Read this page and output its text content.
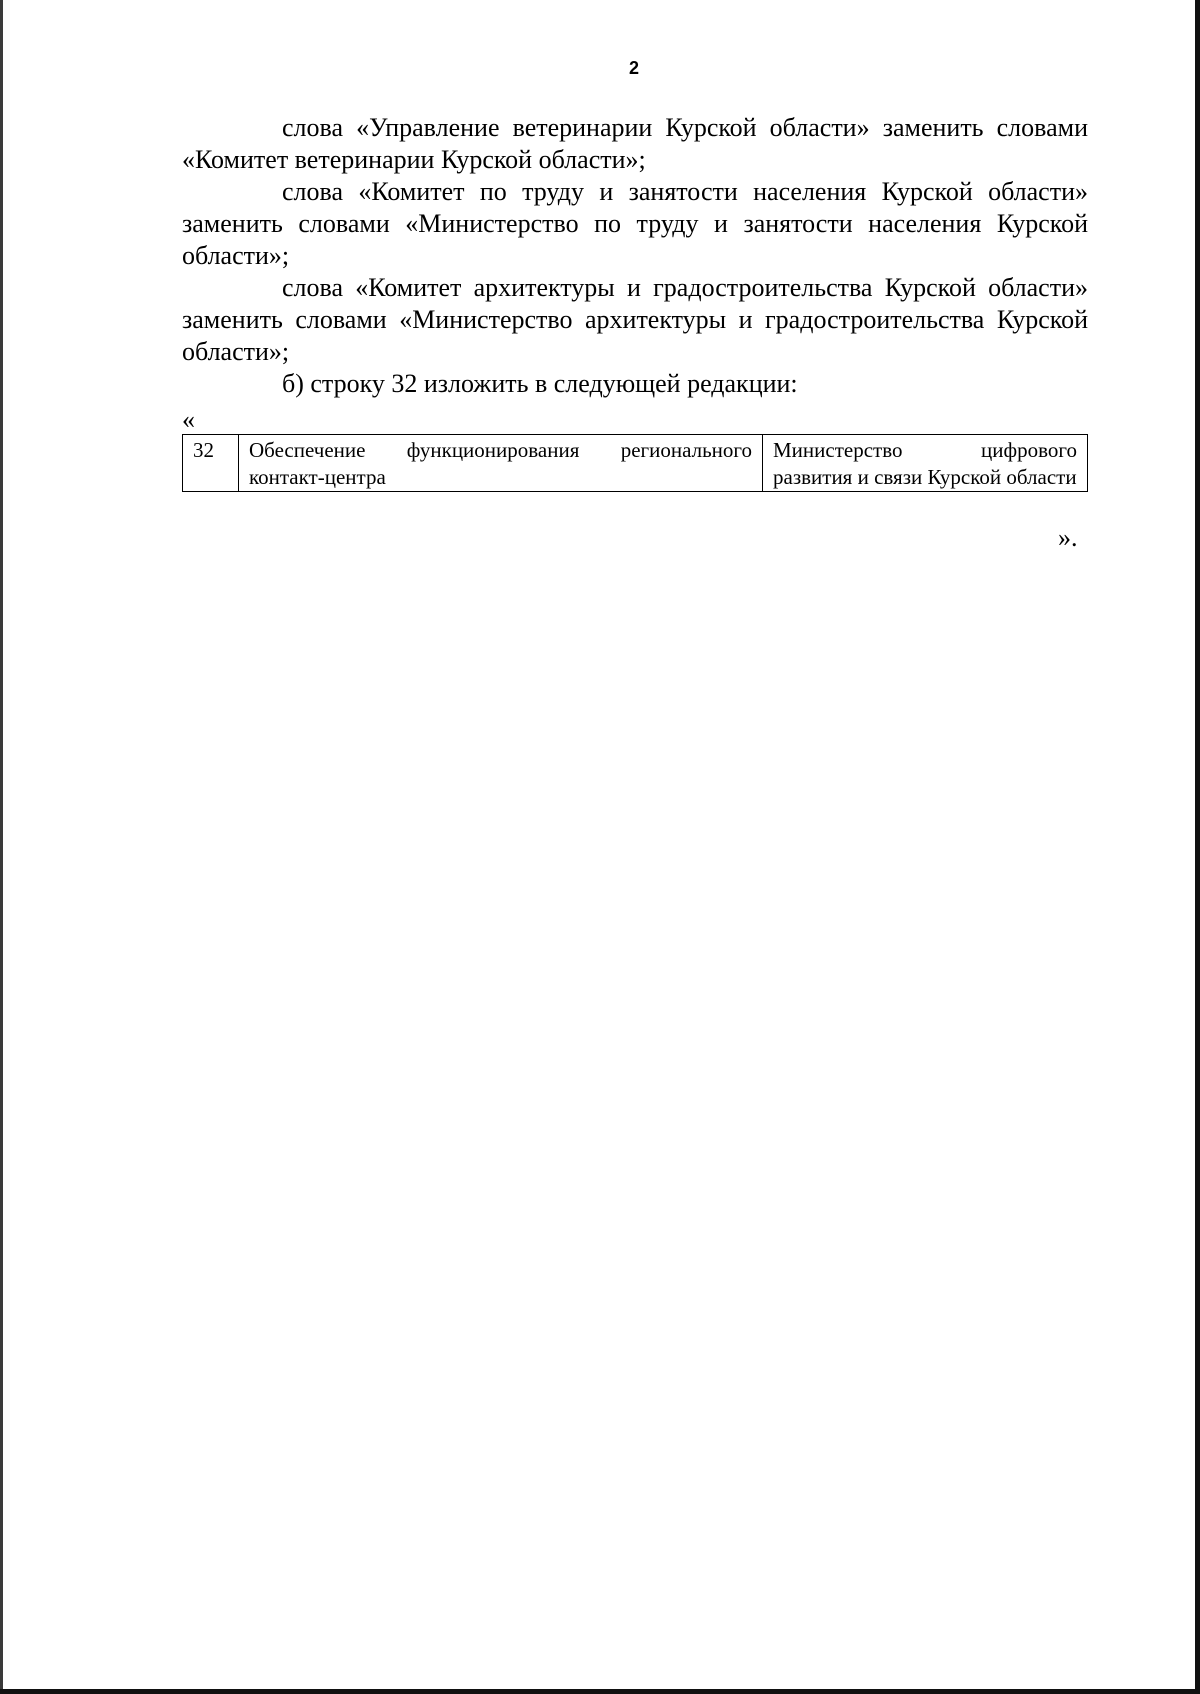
2

слова «Управление ветеринарии Курской области» заменить словами «Комитет ветеринарии Курской области»;

слова «Комитет по труду и занятости населения Курской области» заменить словами «Министерство по труду и занятости населения Курской области»;

слова «Комитет архитектуры и градостроительства Курской области» заменить словами «Министерство архитектуры и градостроительства Курской области»;

б) строку 32 изложить в следующей редакции:

«
32	Обеспечение функционирования регионального контакт-центра	Министерство цифрового развития и связи Курской области
».
